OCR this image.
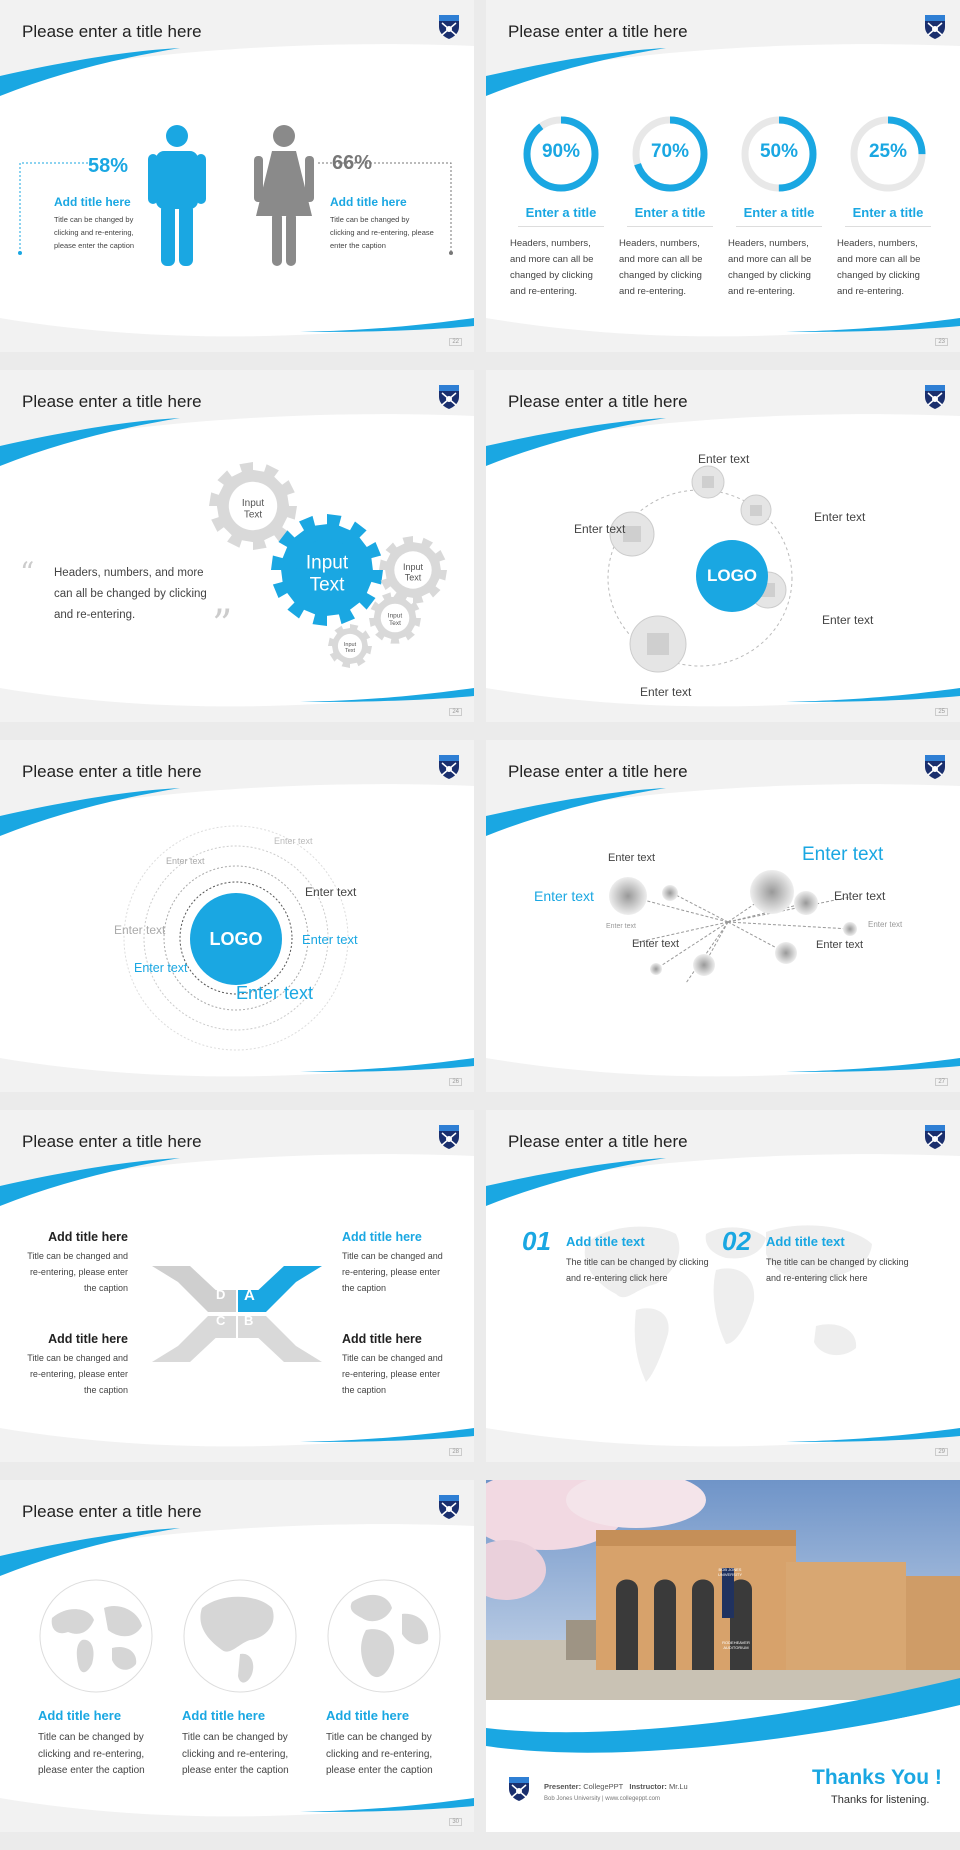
Please enter a title here
58%
Add title here
Title can be changed by
clicking and re-entering,
please enter the caption
66%
Add title here
Title can be changed by
clicking and re-entering, please
enter the caption
22
Please enter a title here
90%
Enter a title
Headers, numbers,
and more can all be
changed by clicking
and re-entering.
70%
Enter a title
Headers, numbers,
and more can all be
changed by clicking
and re-entering.
50%
Enter a title
Headers, numbers,
and more can all be
changed by clicking
and re-entering.
25%
Enter a title
Headers, numbers,
and more can all be
changed by clicking
and re-entering.
23
Please enter a title here
“ Headers, numbers, and more
can all be changed by clicking
and re-entering.	”
Input
Text
Input
Text
Input
Text
Input
Text
Input
Text
24
Please enter a title here
LOGO
Enter text
Enter text
Enter text
Enter text
Enter text
25
Please enter a title here
LOGO
Enter text
Enter text
Enter text
Enter text
Enter text
Enter text
Enter text
26
Please enter a title here
Enter text	Enter text
Enter text	Enter text
Enter text	Enter text
Enter text	Enter text
27
Please enter a title here
Add title here
Title can be changed and
re-entering, please enter
the caption
Add title here
Title can be changed and
re-entering, please enter
the caption
Add title here
Title can be changed and
re-entering, please enter
the caption
Add title here
Title can be changed and
re-entering, please enter
the caption
D A
C B
28
Please enter a title here
01 Add title text
The title can be changed by clicking
and re-entering click here
02 Add title text
The title can be changed by clicking
and re-entering click here
29
Please enter a title here
Add title here
Title can be changed by
clicking and re-entering,
please enter the caption
Add title here
Title can be changed by
clicking and re-entering,
please enter the caption
Add title here
Title can be changed by
clicking and re-entering,
please enter the caption
30
BOB JONES UNIVERSITY
RODEHEAVER AUDITORIUM
Presenter: CollegePPT Instructor: Mr.Lu
Bob Jones University | www.collegeppt.com
Thanks You !
Thanks for listening.
